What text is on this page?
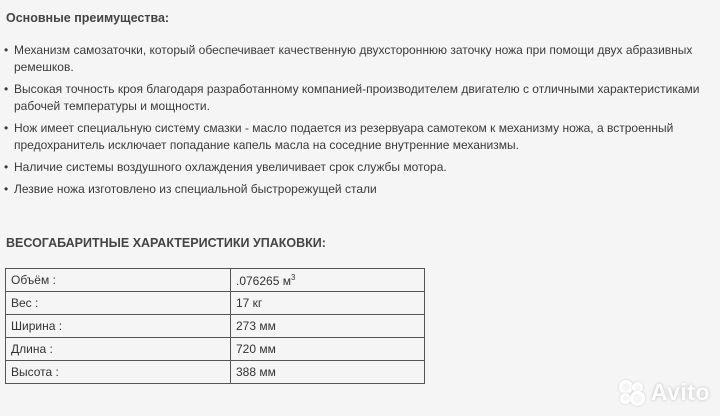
Основные преимущества:
• Механизм самозаточки, который обеспечивает качественную двухстороннюю заточку ножа при помощи двух абразивных ремешков.
• Высокая точность кроя благодаря разработанному компанией-производителем двигателю с отличными характеристиками рабочей температуры и мощности.
• Нож имеет специальную систему смазки - масло подается из резервуара самотеком к механизму ножа, а встроенный предохранитель исключает попадание капель масла на соседние внутренние механизмы.
• Наличие системы воздушного охлаждения увеличивает срок службы мотора.
• Лезвие ножа изготовлено из специальной быстрорежущей стали
ВЕСОГАБАРИТНЫЕ ХАРАКТЕРИСТИКИ УПАКОВКИ:
Объём :	.076265 $м^3$
Вес :	17 кг
Ширина :	273 мм
Длина :	720 мм
Высота :	388 мм
Avito
